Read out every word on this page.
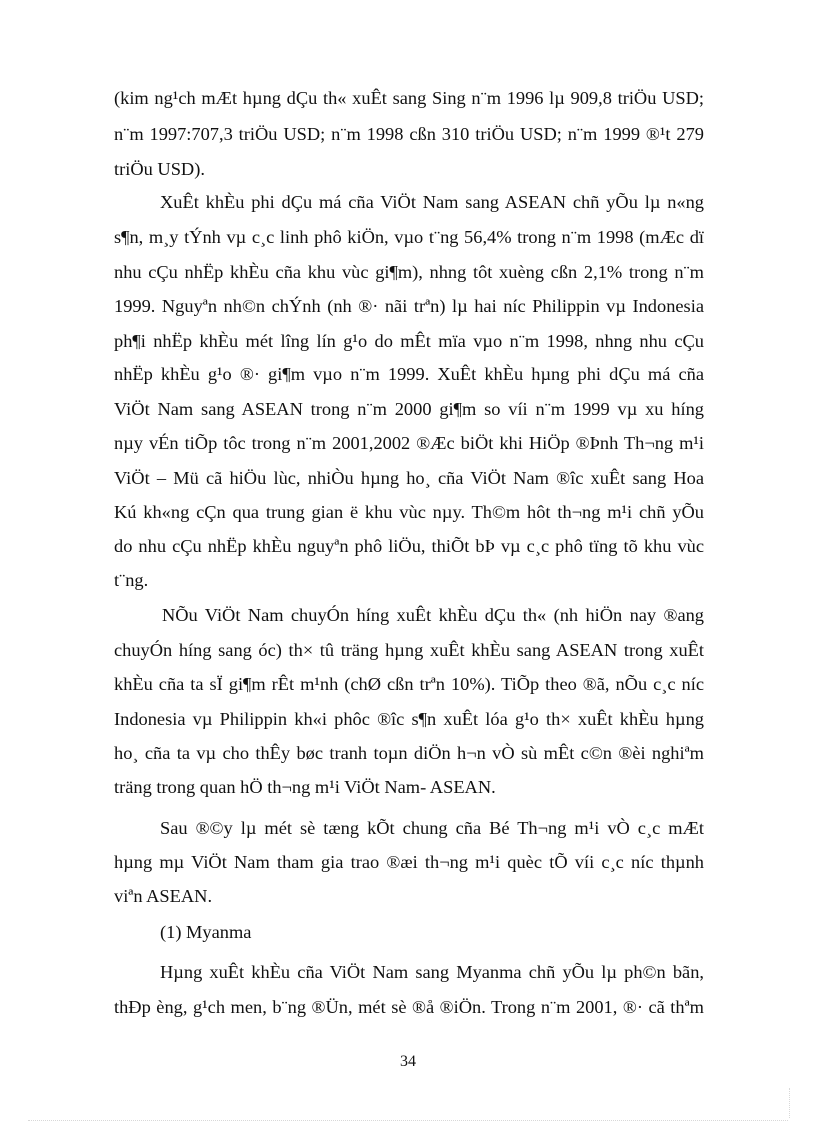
(kim ng¹ch mÆt hµng dÇu th« xuÊt sang Sing n¨m 1996 lµ 909,8 triÖu USD;
n¨m 1997:707,3 triÖu USD; n¨m 1998 cßn 310 triÖu USD; n¨m 1999 ®¹t 279
triÖu USD).
XuÊt khÈu phi dÇu má cña ViÖt Nam sang ASEAN chñ yÕu lµ n«ng
s¶n, m¸y tÝnh vµ c¸c linh phô kiÖn, vµo t¨ng 56,4% trong n¨m 1998 (mÆc dï
nhu cÇu nhËp khÈu cña khu vùc gi¶m), nhng tôt xuèng cßn 2,1% trong n¨m
1999. Nguyªn nh©n chÝnh (nh ®· nãi trªn) lµ hai níc Philippin vµ Indonesia
ph¶i nhËp khÈu mét lîng lín g¹o do mÊt mïa vµo n¨m 1998, nhng nhu cÇu
nhËp khÈu g¹o ®· gi¶m vµo n¨m 1999. XuÊt khÈu hµng phi dÇu má cña
ViÖt Nam sang ASEAN trong n¨m 2000 gi¶m so víi n¨m 1999 vµ xu híng
nµy vÉn tiÕp tôc trong n¨m 2001,2002 ®Æc biÖt khi HiÖp ®Þnh Th¬ng m¹i
ViÖt – Mü cã hiÖu lùc, nhiÒu hµng ho¸ cña ViÖt Nam ®îc xuÊt sang Hoa
Kú kh«ng cÇn qua trung gian ë khu vùc nµy. Th©m hôt th¬ng m¹i chñ yÕu
do nhu cÇu nhËp khÈu nguyªn phô liÖu, thiÕt bÞ vµ c¸c phô tïng tõ khu vùc
t¨ng.
NÕu ViÖt Nam chuyÓn híng xuÊt khÈu dÇu th« (nh hiÖn nay ®ang
chuyÓn híng sang óc) th× tû träng hµng xuÊt khÈu sang ASEAN trong xuÊt
khÈu cña ta sÏ gi¶m rÊt m¹nh (chØ cßn trªn 10%). TiÕp theo ®ã, nÕu c¸c níc
Indonesia vµ Philippin kh«i phôc ®îc s¶n xuÊt lóa g¹o th× xuÊt khÈu hµng
ho¸ cña ta vµ cho thÊy bøc tranh toµn diÖn h¬n vÒ sù mÊt c©n ®èi nghiªm
träng trong quan hÖ th¬ng m¹i ViÖt Nam- ASEAN.
Sau ®©y lµ mét sè tæng kÕt chung cña Bé Th¬ng m¹i vÒ c¸c mÆt
hµng mµ ViÖt Nam tham gia trao ®æi th¬ng m¹i quèc tÕ víi c¸c níc thµnh
viªn ASEAN.
(1) Myanma
Hµng xuÊt khÈu cña ViÖt Nam sang Myanma chñ yÕu lµ ph©n bãn,
thÐp èng, g¹ch men, b¨ng ®Ün, mét sè ®å ®iÖn. Trong n¨m 2001, ®· cã thªm
34
